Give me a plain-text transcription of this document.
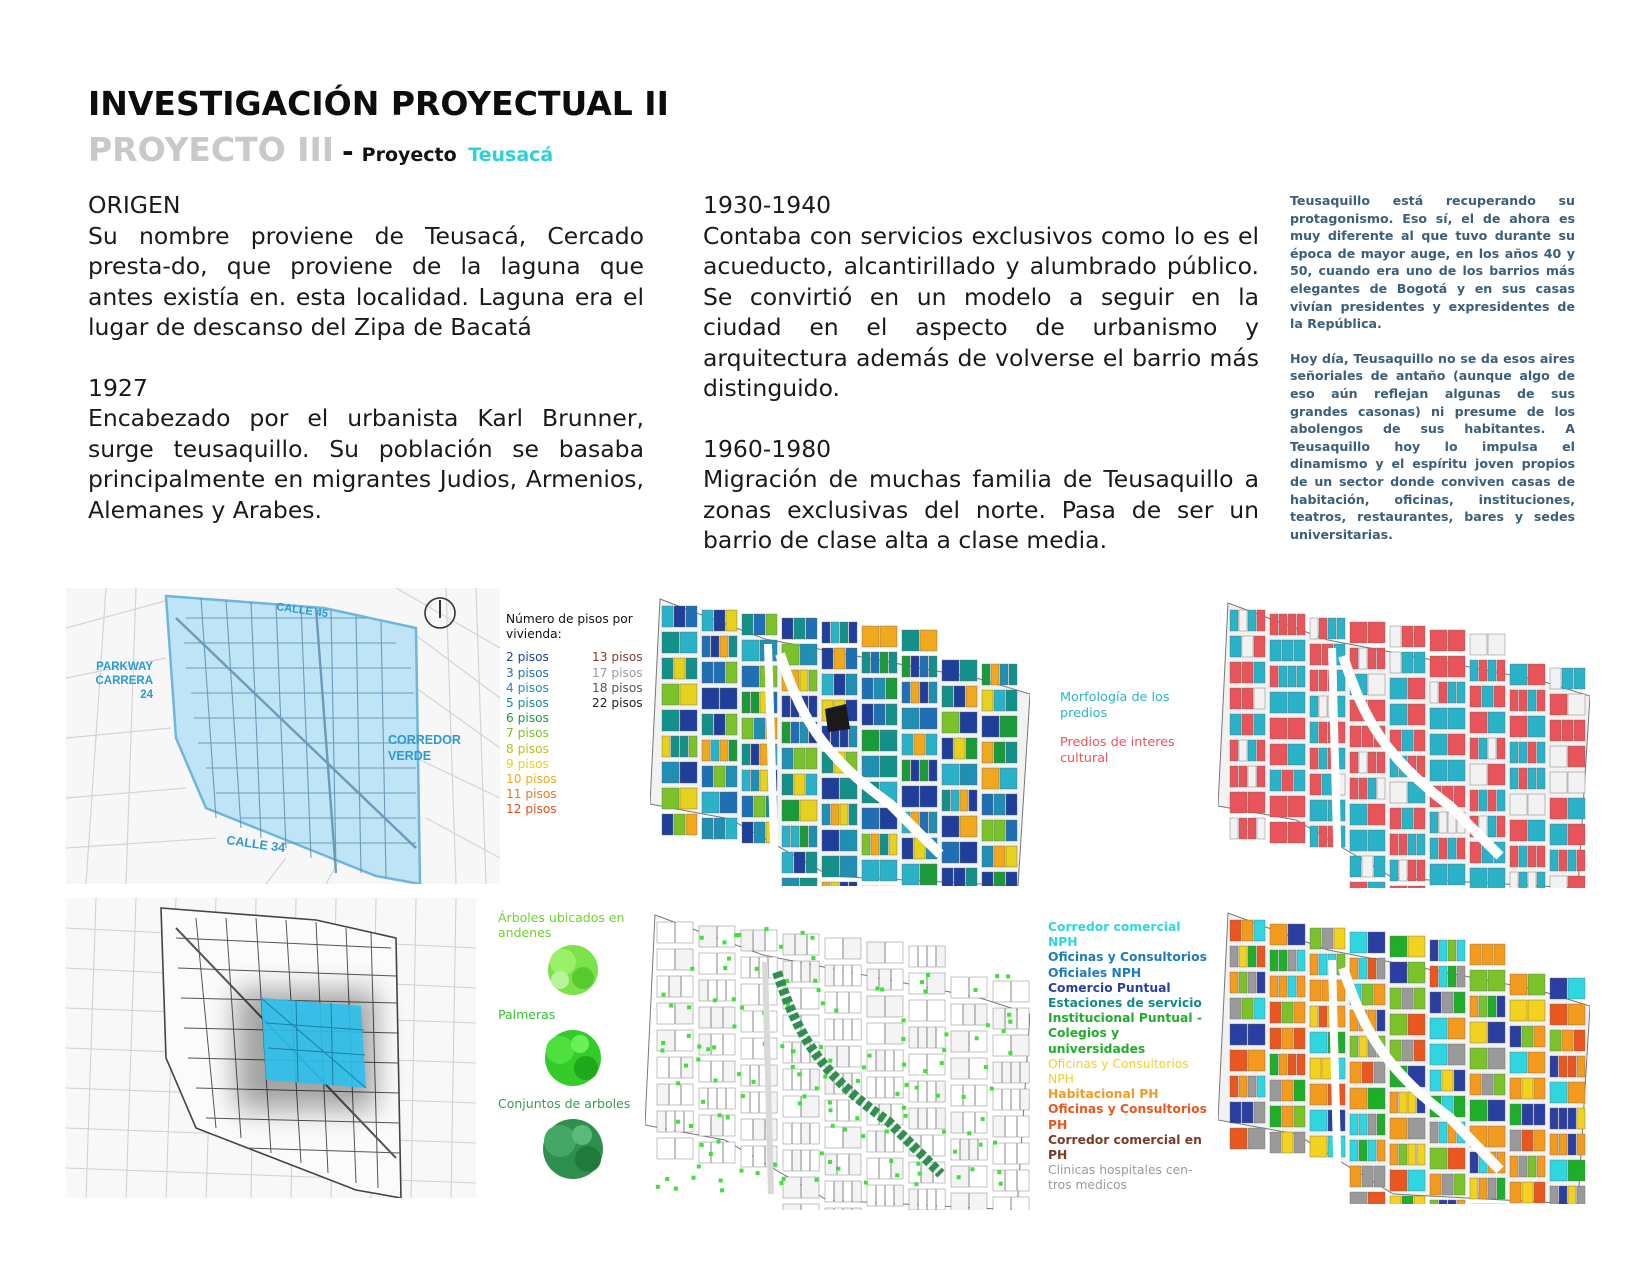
INVESTIGACIÓN PROYECTUAL II
PROYECTO III - Proyecto Teusacá
ORIGEN

Su nombre proviene de Teusacá, Cercado presta-do, que proviene de la laguna que antes existía en. esta localidad. Laguna era el lugar de descanso del Zipa de Bacatá

1927

Encabezado por el urbanista Karl Brunner, surge teusaquillo. Su población se basaba principalmente en migrantes Judios, Armenios, Alemanes y Arabes.

1930-1940

Contaba con servicios exclusivos como lo es el acueducto, alcantirillado y alumbrado público. Se convirtió en un modelo a seguir en la ciudad en el aspecto de urbanismo y arquitectura además de volverse el barrio más distinguido.

1960-1980

Migración de muchas familia de Teusaquillo a zonas exclusivas del norte. Pasa de ser un barrio de clase alta a clase media.

Teusaquillo está recuperando su protagonismo. Eso sí, el de ahora es muy diferente al que tuvo durante su época de mayor auge, en los años 40 y 50, cuando era uno de los barrios más elegantes de Bogotá y en sus casas vivían presidentes y expresidentes de la República.

Hoy día, Teusaquillo no se da esos aires señoriales de antaño (aunque algo de eso aún reflejan algunas de sus grandes casonas) ni presume de los abolengos de sus habitantes. A Teusaquillo hoy lo impulsa el dinamismo y el espíritu joven propios de un sector donde conviven casas de habitación, oficinas, instituciones, teatros, restaurantes, bares y sedes universitarias.

CALLE 45
PARKWAY CARRERA 24
CORREDOR VERDE
CALLE 34
Número de pisos por vivienda:
2 pisos
3 pisos
4 pisos
5 pisos
6 pisos
7 pisos
8 pisos
9 pisos
10 pisos
11 pisos
12 pisos
13 pisos
17 pisos
18 pisos
22 pisos	Morfología de los predios
Predios de interes cultural
Árboles ubicados en andenes
Palmeras
Conjuntos de arboles
Corredor comercial NPH
Oficinas y Consultorios Oficiales NPH
Comercio Puntual
Estaciones de servicio
Institucional Puntual - Colegios y universidades
Oficinas y Consultorios NPH
Habitacional PH
Oficinas y Consultorios PH
Corredor comercial en PH
Clinicas hospitales cen-tros medicos
